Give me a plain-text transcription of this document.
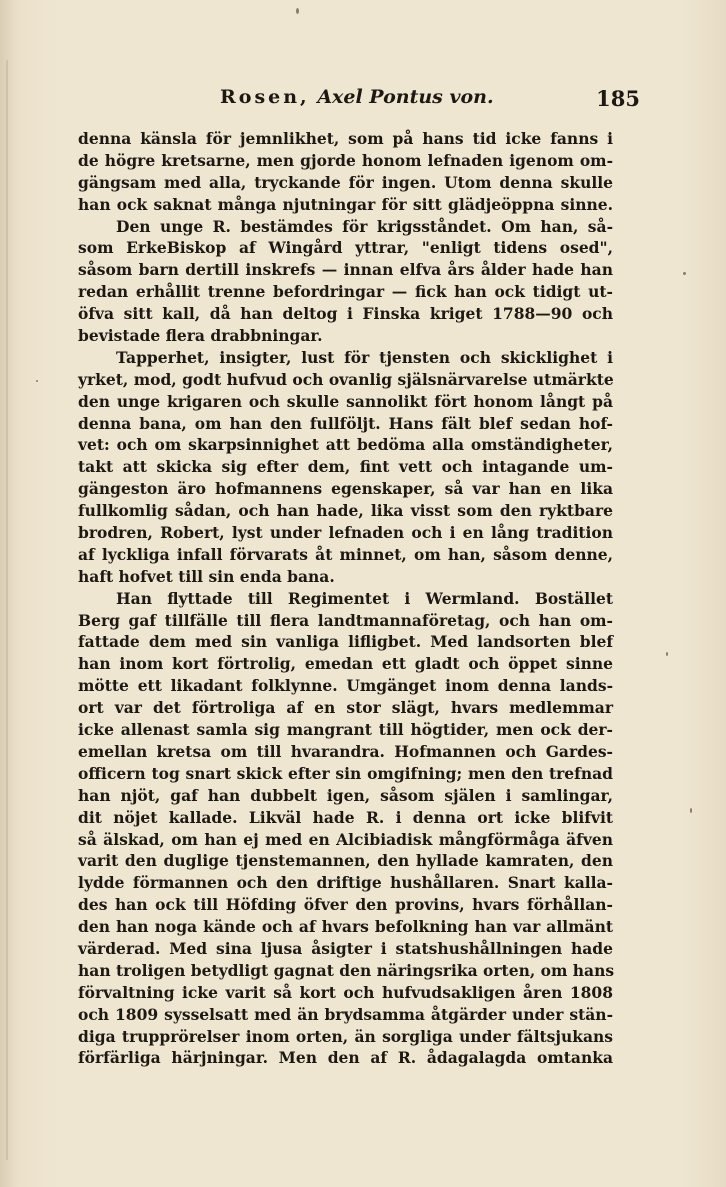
Rosen, Axel Pontus von.	185
denna känsla för jemnlikhet, som på hans tid icke fanns i
de högre kretsarne, men gjorde honom lefnaden igenom om-
gängsam med alla, tryckande för ingen. Utom denna skulle
han ock saknat många njutningar för sitt glädjeöppna sinne.
Den unge R. bestämdes för krigsståndet. Om han, så-
som ErkeBiskop af Wingård yttrar, "enligt tidens osed",
såsom barn dertill inskrefs — innan elfva års ålder hade han
redan erhållit trenne befordringar — fick han ock tidigt ut-
öfva sitt kall, då han deltog i Finska kriget 1788—90 och
bevistade flera drabbningar.
Tapperhet, insigter, lust för tjensten och skicklighet i
yrket, mod, godt hufvud och ovanlig själsnärvarelse utmärkte
den unge krigaren och skulle sannolikt fört honom långt på
denna bana, om han den fullföljt. Hans fält blef sedan hof-
vet: och om skarpsinnighet att bedöma alla omständigheter,
takt att skicka sig efter dem, fint vett och intagande um-
gängeston äro hofmannens egenskaper, så var han en lika
fullkomlig sådan, och han hade, lika visst som den ryktbare
brodren, Robert, lyst under lefnaden och i en lång tradition
af lyckliga infall förvarats åt minnet, om han, såsom denne,
haft hofvet till sin enda bana.
Han flyttade till Regimentet i Wermland. Bostället
Berg gaf tillfälle till flera landtmannaföretag, och han om-
fattade dem med sin vanliga lifligbet. Med landsorten blef
han inom kort förtrolig, emedan ett gladt och öppet sinne
mötte ett likadant folklynne. Umgänget inom denna lands-
ort var det förtroliga af en stor slägt, hvars medlemmar
icke allenast samla sig mangrant till högtider, men ock der-
emellan kretsa om till hvarandra. Hofmannen och Gardes-
officern tog snart skick efter sin omgifning; men den trefnad
han njöt, gaf han dubbelt igen, såsom själen i samlingar,
dit nöjet kallade. Likväl hade R. i denna ort icke blifvit
så älskad, om han ej med en Alcibiadisk mångförmåga äfven
varit den duglige tjenstemannen, den hyllade kamraten, den
lydde förmannen och den driftige hushållaren. Snart kalla-
des han ock till Höfding öfver den provins, hvars förhållan-
den han noga kände och af hvars befolkning han var allmänt
värderad. Med sina ljusa åsigter i statshushållningen hade
han troligen betydligt gagnat den näringsrika orten, om hans
förvaltning icke varit så kort och hufvudsakligen åren 1808
och 1809 sysselsatt med än brydsamma åtgärder under stän-
diga trupprörelser inom orten, än sorgliga under fältsjukans
förfärliga härjningar. Men den af R. ådagalagda omtanka
